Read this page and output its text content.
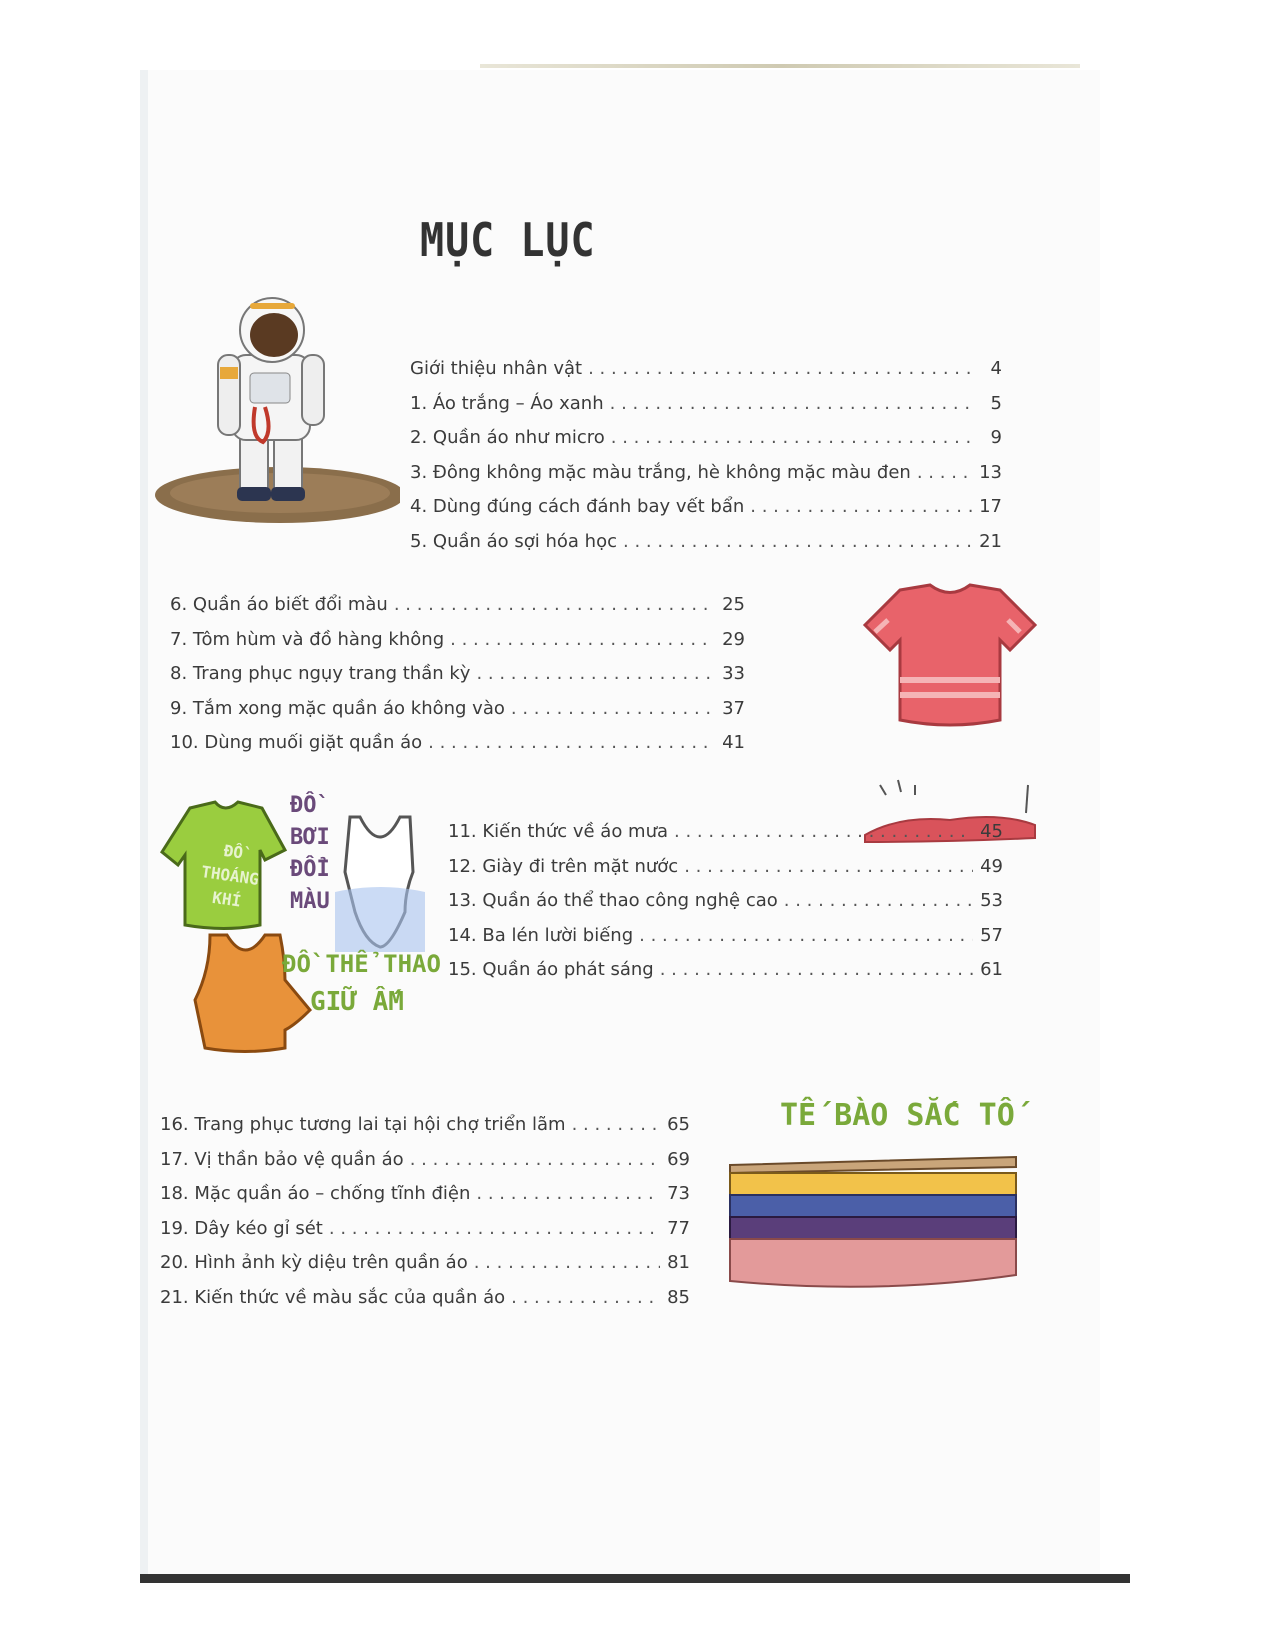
MỤC LỤC
Giới thiệu nhân vật . . .	4
1. Áo trắng – Áo xanh . . .	5
2. Quần áo như micro . . .	9
3. Đông không mặc màu trắng, hè không mặc màu đen . . .	13
4. Dùng đúng cách đánh bay vết bẩn . . .	17
5. Quần áo sợi hóa học . . .	21
6. Quần áo biết đổi màu . . .	25
7. Tôm hùm và đồ hàng không . . .	29
8. Trang phục ngụy trang thần kỳ . . .	33
9. Tắm xong mặc quần áo không vào . . .	37
10. Dùng muối giặt quần áo . . .	41
ĐỒ
THOÁNG
KHÍ
ĐỒ
BƠI
ĐỔI
MÀU
ĐỒ THỂ THAO
GIỮ ẤM
11. Kiến thức về áo mưa . . .	45
12. Giày đi trên mặt nước . . .	49
13. Quần áo thể thao công nghệ cao . . .	53
14. Ba lén lười biếng . . .	57
15. Quần áo phát sáng . . .	61
16. Trang phục tương lai tại hội chợ triển lãm . . .	65
17. Vị thần bảo vệ quần áo . . .	69
18. Mặc quần áo – chống tĩnh điện . . .	73
19. Dây kéo gỉ sét . . .	77
20. Hình ảnh kỳ diệu trên quần áo . . .	81
21. Kiến thức về màu sắc của quần áo . . .	85
TẾ BÀO SẮC TỐ
